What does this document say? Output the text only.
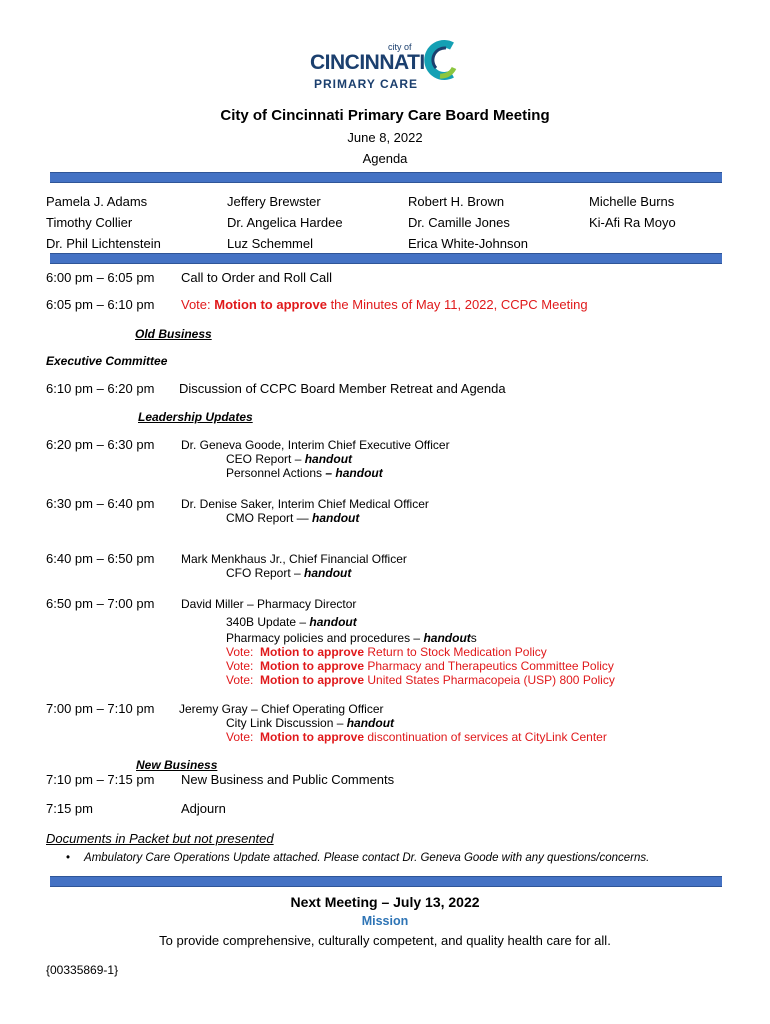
city of
CINCINNATI
PRIMARY CARE
City of Cincinnati Primary Care Board Meeting
June 8, 2022
Agenda
Pamela J. Adams
Timothy Collier
Dr. Phil Lichtenstein
Jeffery Brewster
Dr. Angelica Hardee
Luz Schemmel
Robert H. Brown
Dr. Camille Jones
Erica White-Johnson
Michelle Burns
Ki-Afi Ra Moyo
6:00 pm – 6:05 pm Call to Order and Roll Call
6:05 pm – 6:10 pm Vote: Motion to approve the Minutes of May 11, 2022, CCPC Meeting
Old Business
Executive Committee
6:10 pm – 6:20 pm Discussion of CCPC Board Member Retreat and Agenda
Leadership Updates
6:20 pm – 6:30 pm Dr. Geneva Goode, Interim Chief Executive Officer
CEO Report – handout
Personnel Actions – handout
6:30 pm – 6:40 pm Dr. Denise Saker, Interim Chief Medical Officer
CMO Report — handout
6:40 pm – 6:50 pm Mark Menkhaus Jr., Chief Financial Officer
CFO Report – handout
6:50 pm – 7:00 pm David Miller – Pharmacy Director
340B Update – handout
Pharmacy policies and procedures – handouts
Vote: Motion to approve Return to Stock Medication Policy
Vote: Motion to approve Pharmacy and Therapeutics Committee Policy
Vote: Motion to approve United States Pharmacopeia (USP) 800 Policy
7:00 pm – 7:10 pm Jeremy Gray – Chief Operating Officer
City Link Discussion – handout
Vote: Motion to approve discontinuation of services at CityLink Center
New Business
7:10 pm – 7:15 pm New Business and Public Comments
7:15 pm	Adjourn
Documents in Packet but not presented
• Ambulatory Care Operations Update attached. Please contact Dr. Geneva Goode with any questions/concerns.
Next Meeting – July 13, 2022
Mission
To provide comprehensive, culturally competent, and quality health care for all.
{00335869-1}
